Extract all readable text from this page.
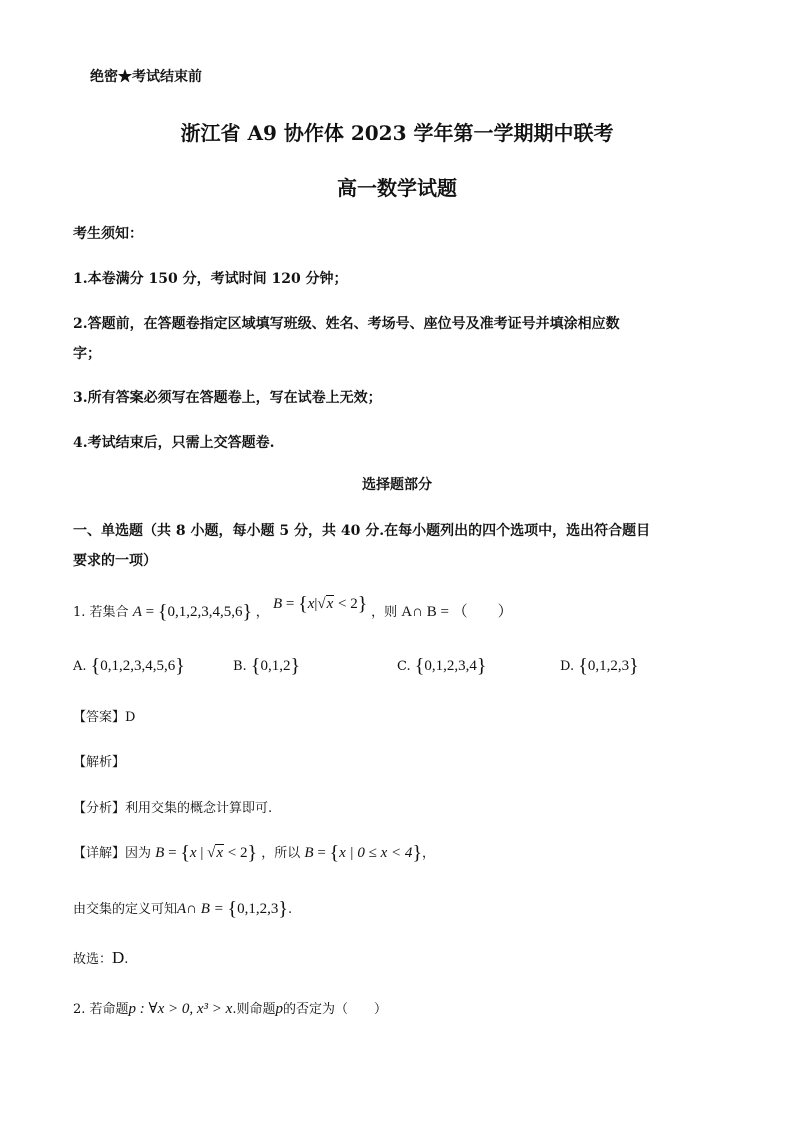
绝密★考试结束前
浙江省 A9 协作体 2023 学年第一学期期中联考
高一数学试题
考生须知：
1.本卷满分 150 分，考试时间 120 分钟；
2.答题前，在答题卷指定区域填写班级、姓名、考场号、座位号及准考证号并填涂相应数
字；
3.所有答案必须写在答题卷上，写在试卷上无效；
4.考试结束后，只需上交答题卷.
选择题部分
一、单选题（共 8 小题，每小题 5 分，共 40 分.在每小题列出的四个选项中，选出符合题目
要求的一项）
1. 若集合 A = {0,1,2,3,4,5,6} ， B = {x|√x < 2} ，则 A∩ B = （　　）
A. {0,1,2,3,4,5,6}	B. {0,1,2}	C. {0,1,2,3,4}	D. {0,1,2,3}
【答案】D
【解析】
【分析】利用交集的概念计算即可.
【详解】因为 B = {x | √x < 2} ，所以 B = {x | 0 ≤ x < 4}，
由交集的定义可知A∩ B = {0,1,2,3}.
故选：D.
2. 若命题p : ∀x > 0, x³ > x.则命题p的否定为（　　）
